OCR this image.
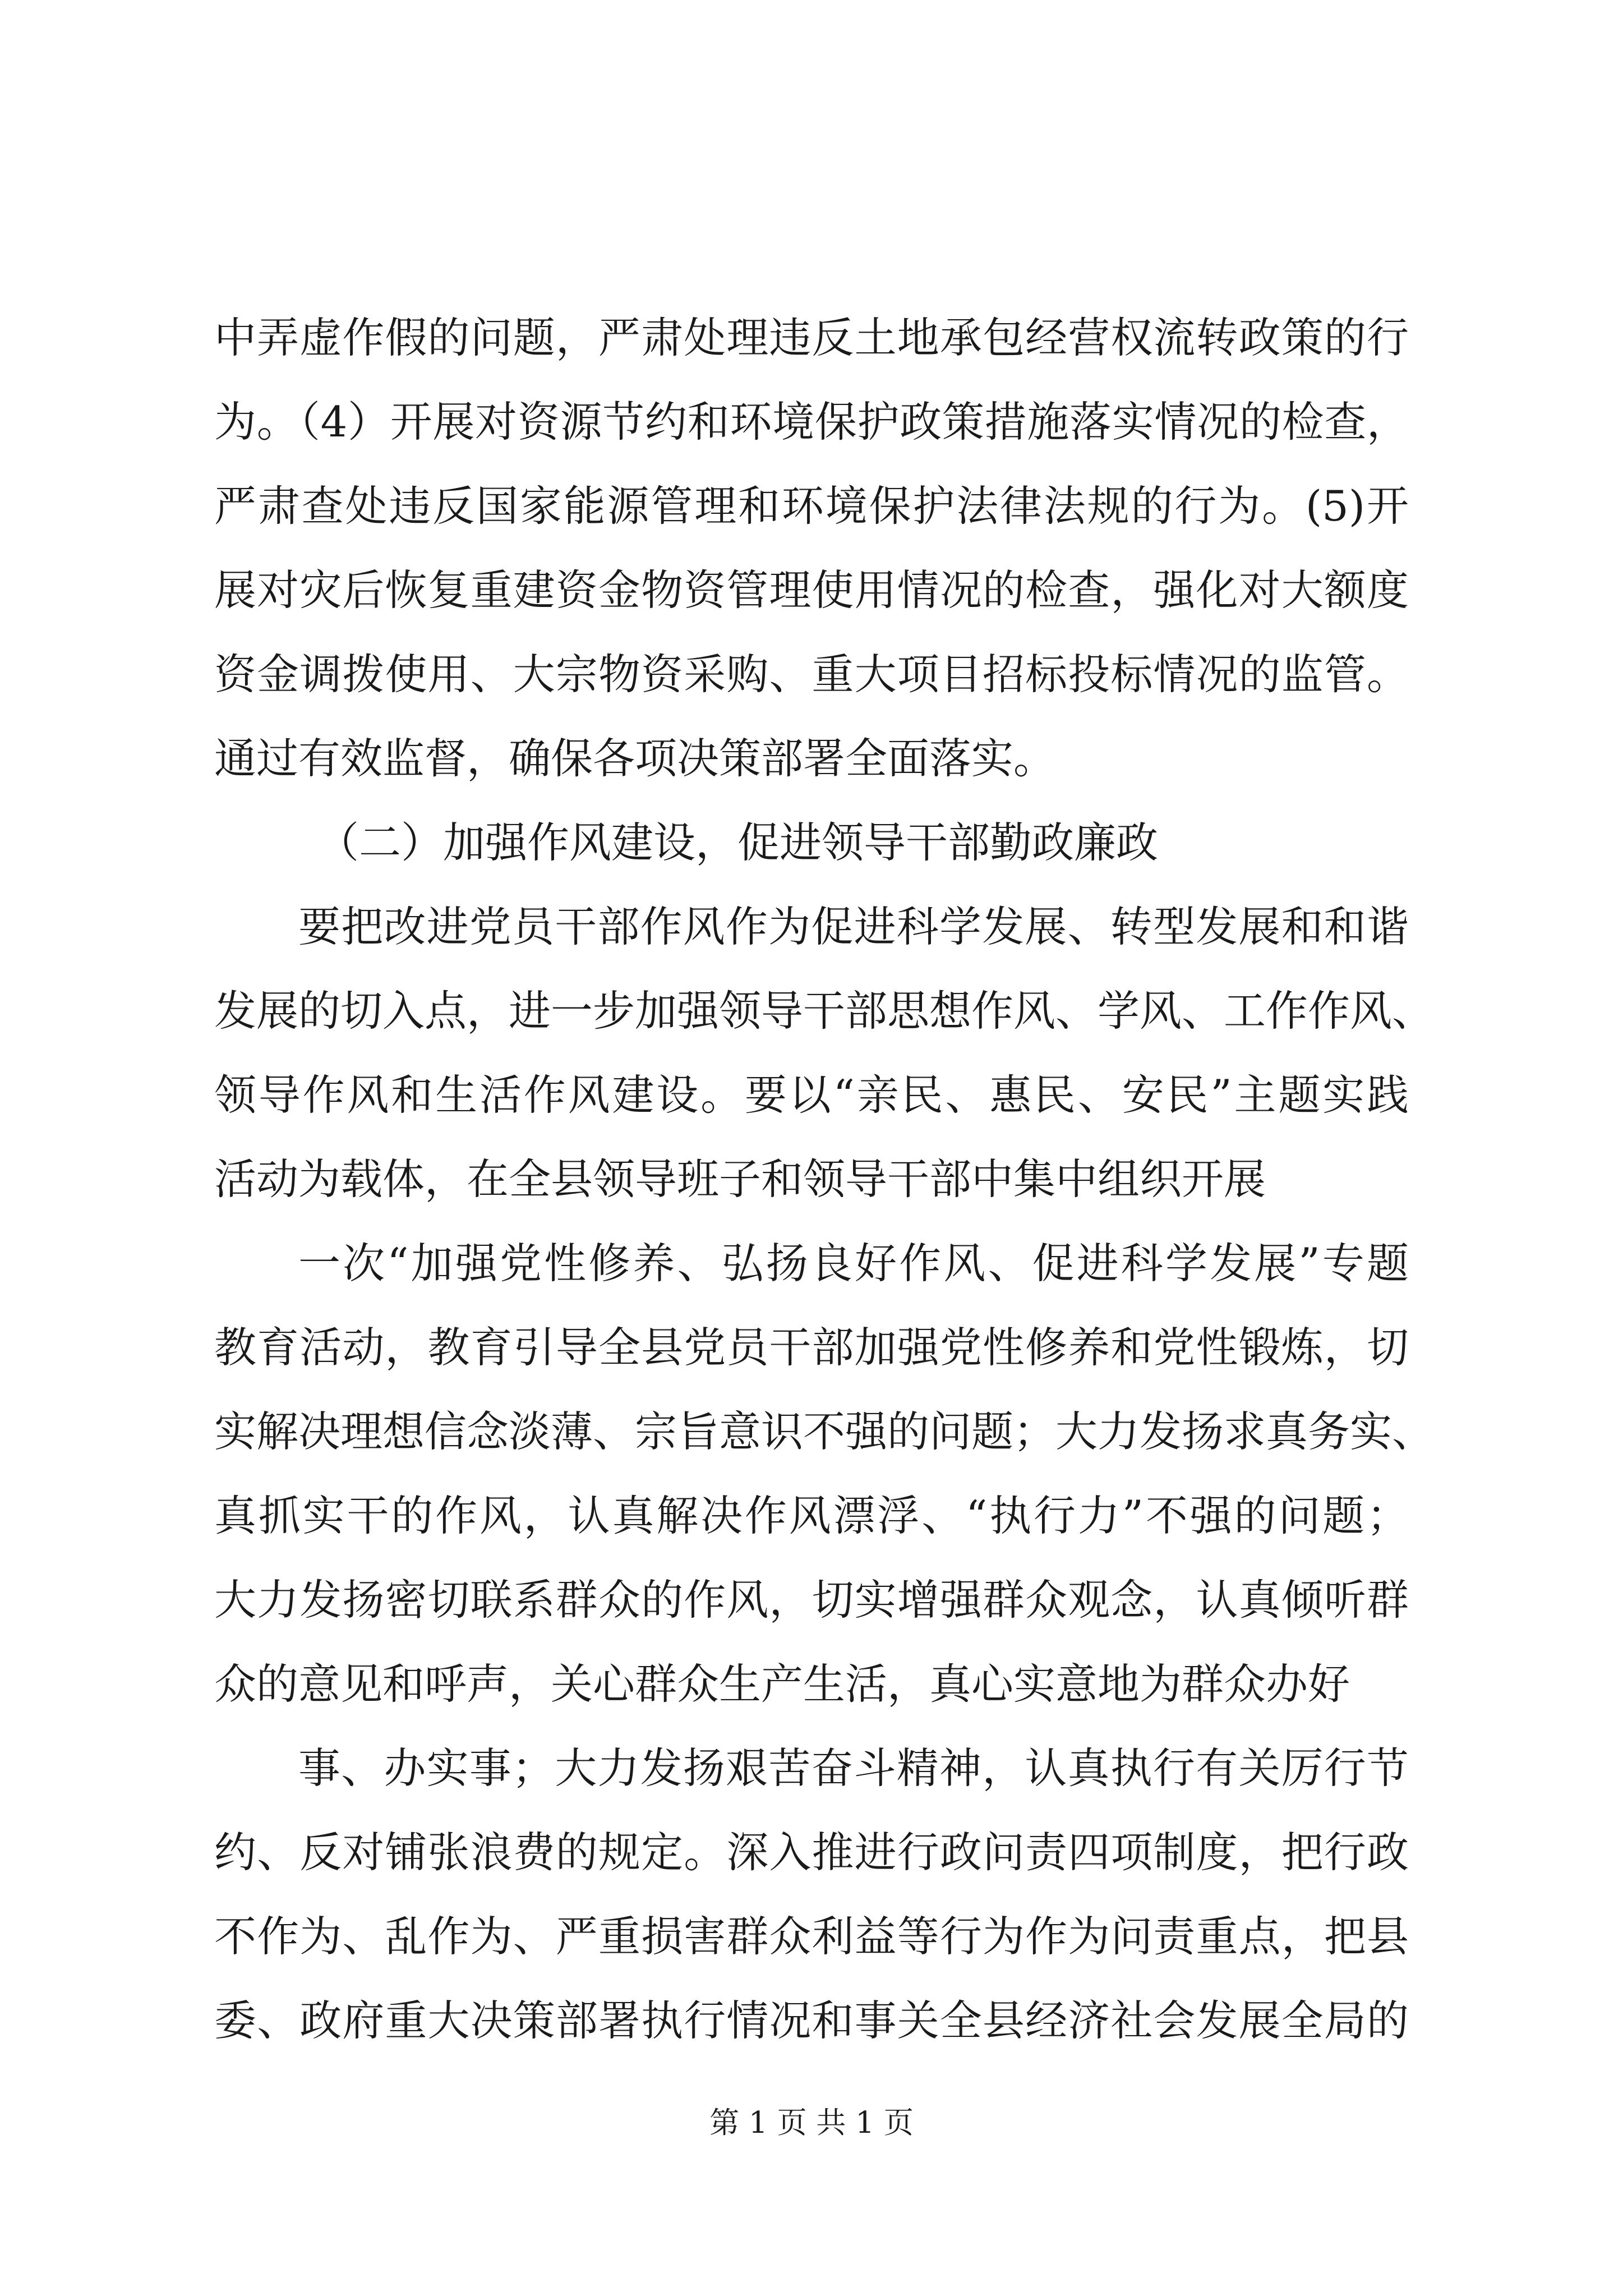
中弄虚作假的问题，严肃处理违反土地承包经营权流转政策的行
为。（4）开展对资源节约和环境保护政策措施落实情况的检查，
严肃查处违反国家能源管理和环境保护法律法规的行为。(5)开
展对灾后恢复重建资金物资管理使用情况的检查，强化对大额度
资金调拨使用、大宗物资采购、重大项目招标投标情况的监管。
通过有效监督，确保各项决策部署全面落实。
（二）加强作风建设，促进领导干部勤政廉政
要把改进党员干部作风作为促进科学发展、转型发展和和谐
发展的切入点，进一步加强领导干部思想作风、学风、工作作风、
领导作风和生活作风建设。要以“亲民、惠民、安民”主题实践
活动为载体，在全县领导班子和领导干部中集中组织开展
一次“加强党性修养、弘扬良好作风、促进科学发展”专题
教育活动，教育引导全县党员干部加强党性修养和党性锻炼，切
实解决理想信念淡薄、宗旨意识不强的问题；大力发扬求真务实、
真抓实干的作风，认真解决作风漂浮、“执行力”不强的问题；
大力发扬密切联系群众的作风，切实增强群众观念，认真倾听群
众的意见和呼声，关心群众生产生活，真心实意地为群众办好
事、办实事；大力发扬艰苦奋斗精神，认真执行有关厉行节
约、反对铺张浪费的规定。深入推进行政问责四项制度，把行政
不作为、乱作为、严重损害群众利益等行为作为问责重点，把县
委、政府重大决策部署执行情况和事关全县经济社会发展全局的
第 1 页 共 1 页
